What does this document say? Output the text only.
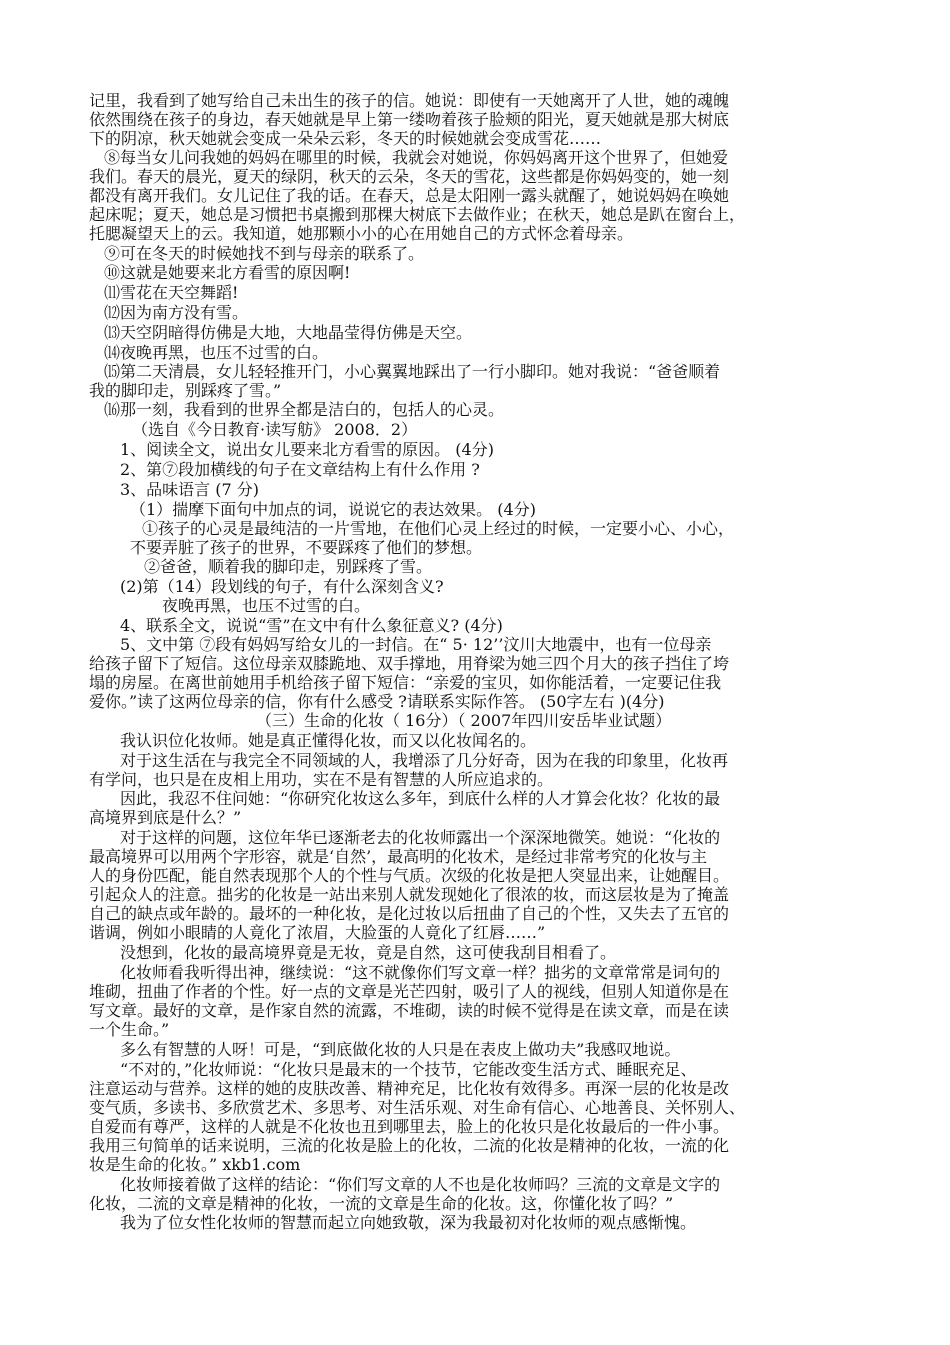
记里，我看到了她写给自己未出生的孩子的信。她说：即使有一天她离开了人世，她的魂魄
依然围绕在孩子的身边，春天她就是早上第一缕吻着孩子脸颊的阳光，夏天她就是那大树底
下的阴凉，秋天她就会变成一朵朵云彩，冬天的时候她就会变成雪花……
⑧每当女儿问我她的妈妈在哪里的时候，我就会对她说，你妈妈离开这个世界了，但她爱
我们。春天的晨光，夏天的绿阴，秋天的云朵，冬天的雪花，这些都是你妈妈变的，她一刻
都没有离开我们。女儿记住了我的话。在春天，总是太阳刚一露头就醒了，她说妈妈在唤她
起床呢；夏天，她总是习惯把书桌搬到那棵大树底下去做作业；在秋天，她总是趴在窗台上，
托腮凝望天上的云。我知道，她那颗小小的心在用她自己的方式怀念着母亲。
⑨可在冬天的时候她找不到与母亲的联系了。
⑩这就是她要来北方看雪的原因啊!
⑾雪花在天空舞蹈!
⑿因为南方没有雪。
⒀天空阴暗得仿佛是大地，大地晶莹得仿佛是天空。
⒁夜晚再黑，也压不过雪的白。
⒂第二天清晨，女儿轻轻推开门，小心翼翼地踩出了一行小脚印。她对我说：“爸爸顺着
我的脚印走，别踩疼了雪。”
⒃那一刻，我看到的世界全都是洁白的，包括人的心灵。
（选自《今日教育·读写舫》 2008．2）
1、阅读全文，说出女儿要来北方看雪的原因。 (4分)
2、第⑦段加横线的句子在文章结构上有什么作用 ?
3、品味语言 (7 分)
（1）揣摩下面句中加点的词，说说它的表达效果。 (4分)
①孩子的心灵是最纯洁的一片雪地，在他们心灵上经过的时候，一定要小心、小心，
不要弄脏了孩子的世界，不要踩疼了他们的梦想。
②爸爸，顺着我的脚印走，别踩疼了雪。
(2)第（14）段划线的句子，有什么深刻含义?
夜晚再黑，也压不过雪的白。
4、联系全文，说说“雪”在文中有什么象征意义? (4分)
5、文中第 ⑦段有妈妈写给女儿的一封信。在“ 5· 12’’汶川大地震中，也有一位母亲
给孩子留下了短信。这位母亲双膝跪地、双手撑地，用脊梁为她三四个月大的孩子挡住了垮
塌的房屋。在离世前她用手机给孩子留下短信：“亲爱的宝贝，如你能活着，一定要记住我
爱你。”读了这两位母亲的信，你有什么感受 ?请联系实际作答。 (50字左右 )(4分)
（三）生命的化妆（ 16分）（ 2007年四川安岳毕业试题）
我认识位化妆师。她是真正懂得化妆，而又以化妆闻名的。
对于这生活在与我完全不同领域的人，我增添了几分好奇，因为在我的印象里，化妆再
有学问，也只是在皮相上用功，实在不是有智慧的人所应追求的。
因此，我忍不住问她：“你研究化妆这么多年，到底什么样的人才算会化妆？化妆的最
高境界到底是什么？”
对于这样的问题，这位年华已逐渐老去的化妆师露出一个深深地微笑。她说：“化妆的
最高境界可以用两个字形容，就是‘自然’，最高明的化妆术，是经过非常考究的化妆与主
人的身份匹配，能自然表现那个人的个性与气质。次级的化妆是把人突显出来，让她醒目。
引起众人的注意。拙劣的化妆是一站出来别人就发现她化了很浓的妆，而这层妆是为了掩盖
自己的缺点或年龄的。最坏的一种化妆，是化过妆以后扭曲了自己的个性，又失去了五官的
谐调，例如小眼睛的人竟化了浓眉，大脸蛋的人竟化了红唇……”
没想到，化妆的最高境界竟是无妆，竟是自然，这可使我刮目相看了。
化妆师看我听得出神，继续说：“这不就像你们写文章一样？拙劣的文章常常是词句的
堆砌，扭曲了作者的个性。好一点的文章是光芒四射，吸引了人的视线，但别人知道你是在
写文章。最好的文章，是作家自然的流露，不堆砌，读的时候不觉得是在读文章，而是在读
一个生命。”
多么有智慧的人呀！可是，“到底做化妆的人只是在表皮上做功夫”我感叹地说。
“不对的，”化妆师说：“化妆只是最末的一个技节，它能改变生活方式、睡眠充足、
注意运动与营养。这样的她的皮肤改善、精神充足，比化妆有效得多。再深一层的化妆是改
变气质，多读书、多欣赏艺术、多思考、对生活乐观、对生命有信心、心地善良、关怀别人、
自爱而有尊严，这样的人就是不化妆也丑到哪里去，脸上的化妆只是化妆最后的一件小事。
我用三句简单的话来说明，三流的化妆是脸上的化妆，二流的化妆是精神的化妆，一流的化
妆是生命的化妆。” xkb1.com
化妆师接着做了这样的结论：“你们写文章的人不也是化妆师吗？三流的文章是文字的
化妆，二流的文章是精神的化妆，一流的文章是生命的化妆。这，你懂化妆了吗？”
我为了位女性化妆师的智慧而起立向她致敬，深为我最初对化妆师的观点感惭愧。
